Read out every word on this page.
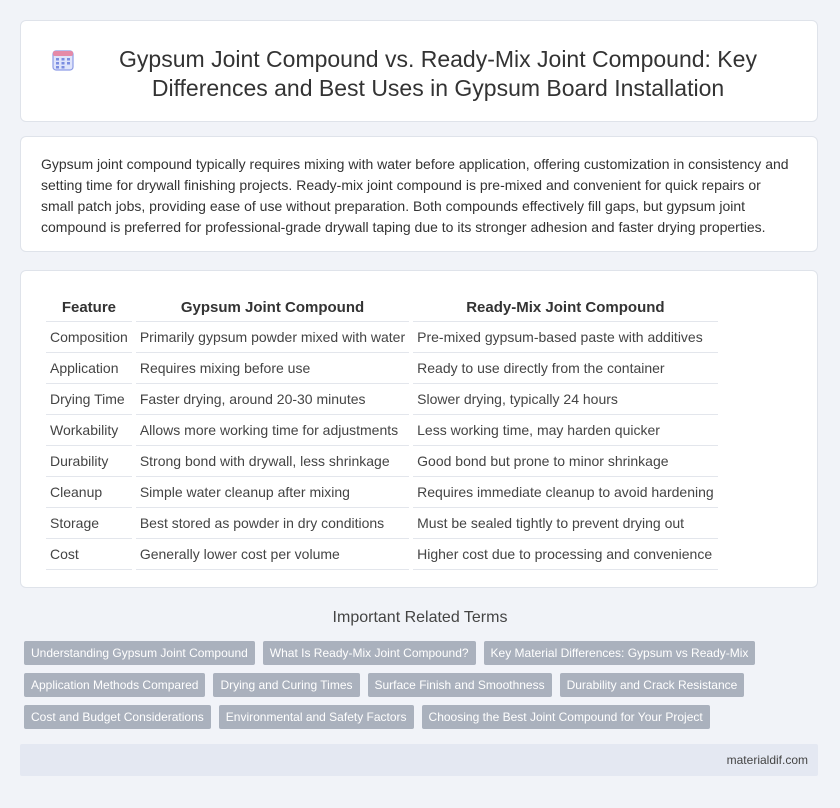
Gypsum Joint Compound vs. Ready-Mix Joint Compound: Key Differences and Best Uses in Gypsum Board Installation

Gypsum joint compound typically requires mixing with water before application, offering customization in consistency and setting time for drywall finishing projects. Ready-mix joint compound is pre-mixed and convenient for quick repairs or small patch jobs, providing ease of use without preparation. Both compounds effectively fill gaps, but gypsum joint compound is preferred for professional-grade drywall taping due to its stronger adhesion and faster drying properties.

Feature	Gypsum Joint Compound	Ready-Mix Joint Compound
Composition	Primarily gypsum powder mixed with water	Pre-mixed gypsum-based paste with additives
Application	Requires mixing before use	Ready to use directly from the container
Drying Time	Faster drying, around 20-30 minutes	Slower drying, typically 24 hours
Workability	Allows more working time for adjustments	Less working time, may harden quicker
Durability	Strong bond with drywall, less shrinkage	Good bond but prone to minor shrinkage
Cleanup	Simple water cleanup after mixing	Requires immediate cleanup to avoid hardening
Storage	Best stored as powder in dry conditions	Must be sealed tightly to prevent drying out
Cost	Generally lower cost per volume	Higher cost due to processing and convenience
Important Related Terms
Understanding Gypsum Joint Compound	What Is Ready-Mix Joint Compound?	Key Material Differences: Gypsum vs Ready-Mix
Application Methods Compared	Drying and Curing Times	Surface Finish and Smoothness	Durability and Crack Resistance
Cost and Budget Considerations	Environmental and Safety Factors	Choosing the Best Joint Compound for Your Project
materialdif.com
